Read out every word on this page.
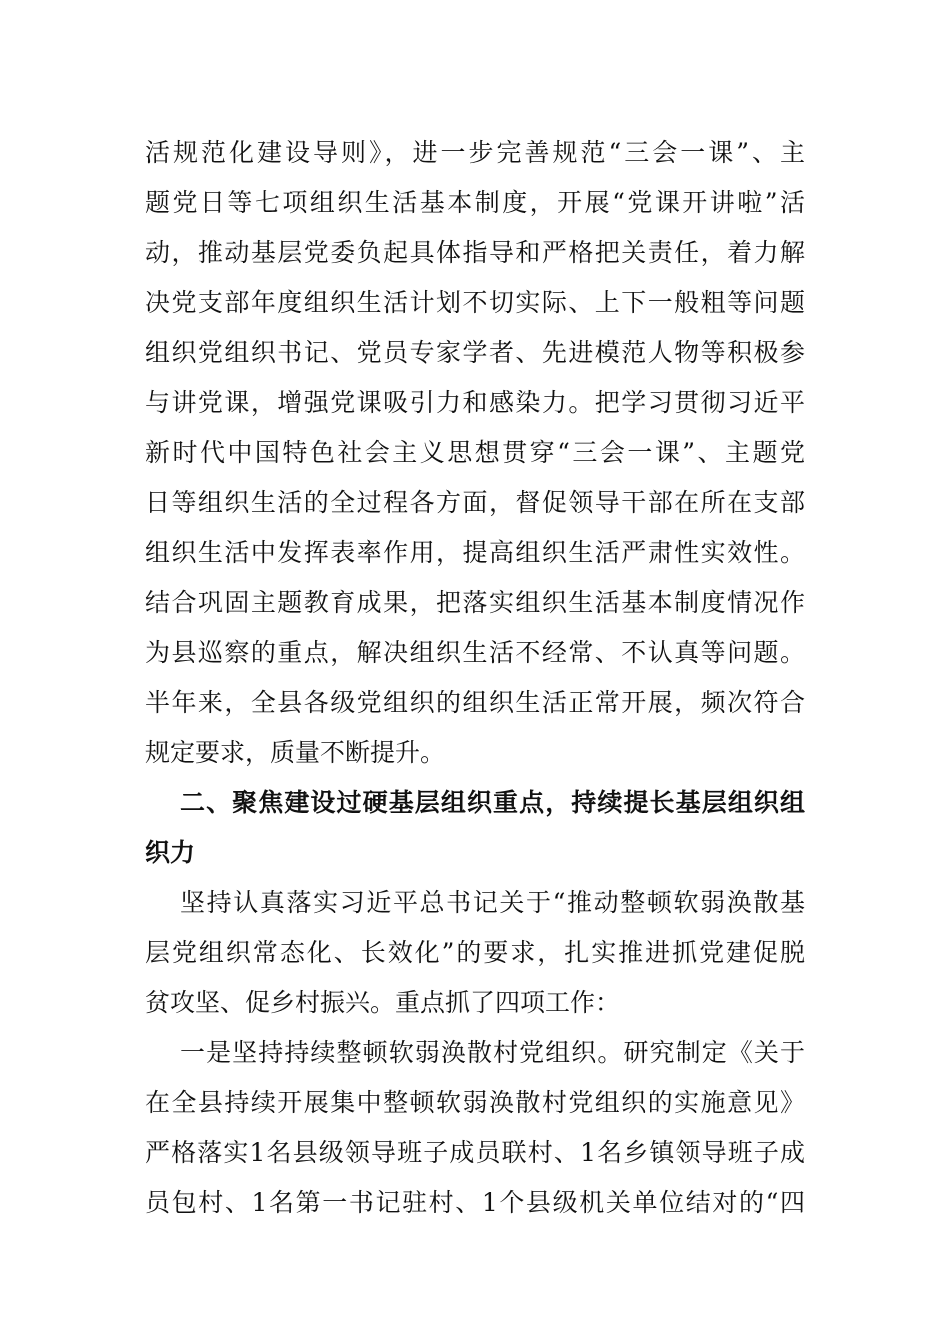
活规范化建设导则》，进一步完善规范“三会一课”、主
题党日等七项组织生活基本制度，开展“党课开讲啦”活
动，推动基层党委负起具体指导和严格把关责任，着力解
决党支部年度组织生活计划不切实际、上下一般粗等问题
组织党组织书记、党员专家学者、先进模范人物等积极参
与讲党课，增强党课吸引力和感染力。把学习贯彻习近平
新时代中国特色社会主义思想贯穿“三会一课”、主题党
日等组织生活的全过程各方面，督促领导干部在所在支部
组织生活中发挥表率作用，提高组织生活严肃性实效性。
结合巩固主题教育成果，把落实组织生活基本制度情况作
为县巡察的重点，解决组织生活不经常、不认真等问题。
半年来，全县各级党组织的组织生活正常开展，频次符合
规定要求，质量不断提升。
二、聚焦建设过硬基层组织重点，持续提长基层组织组
织力
坚持认真落实习近平总书记关于“推动整顿软弱涣散基
层党组织常态化、长效化”的要求，扎实推进抓党建促脱
贫攻坚、促乡村振兴。重点抓了四项工作：
一是坚持持续整顿软弱涣散村党组织。研究制定《关于
在全县持续开展集中整顿软弱涣散村党组织的实施意见》
严格落实1名县级领导班子成员联村、1名乡镇领导班子成
员包村、1名第一书记驻村、1个县级机关单位结对的“四
